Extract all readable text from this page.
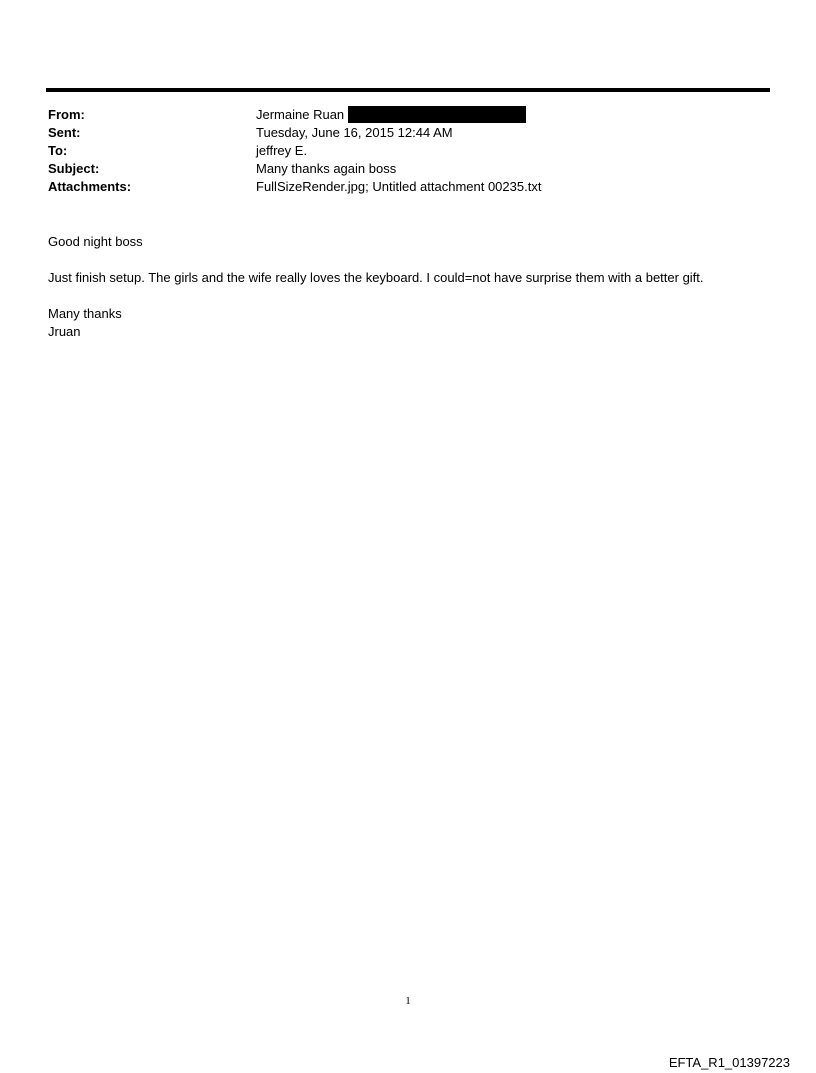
From:	Jermaine Ruan
Sent:	Tuesday, June 16, 2015 12:44 AM
To:	jeffrey E.
Subject:	Many thanks again boss
Attachments:	FullSizeRender.jpg; Untitled attachment 00235.txt

Good night boss

Just finish setup. The girls and the wife really loves the keyboard. I could=not have surprise them with a better gift.

Many thanks
Jruan

1
EFTA_R1_01397223
